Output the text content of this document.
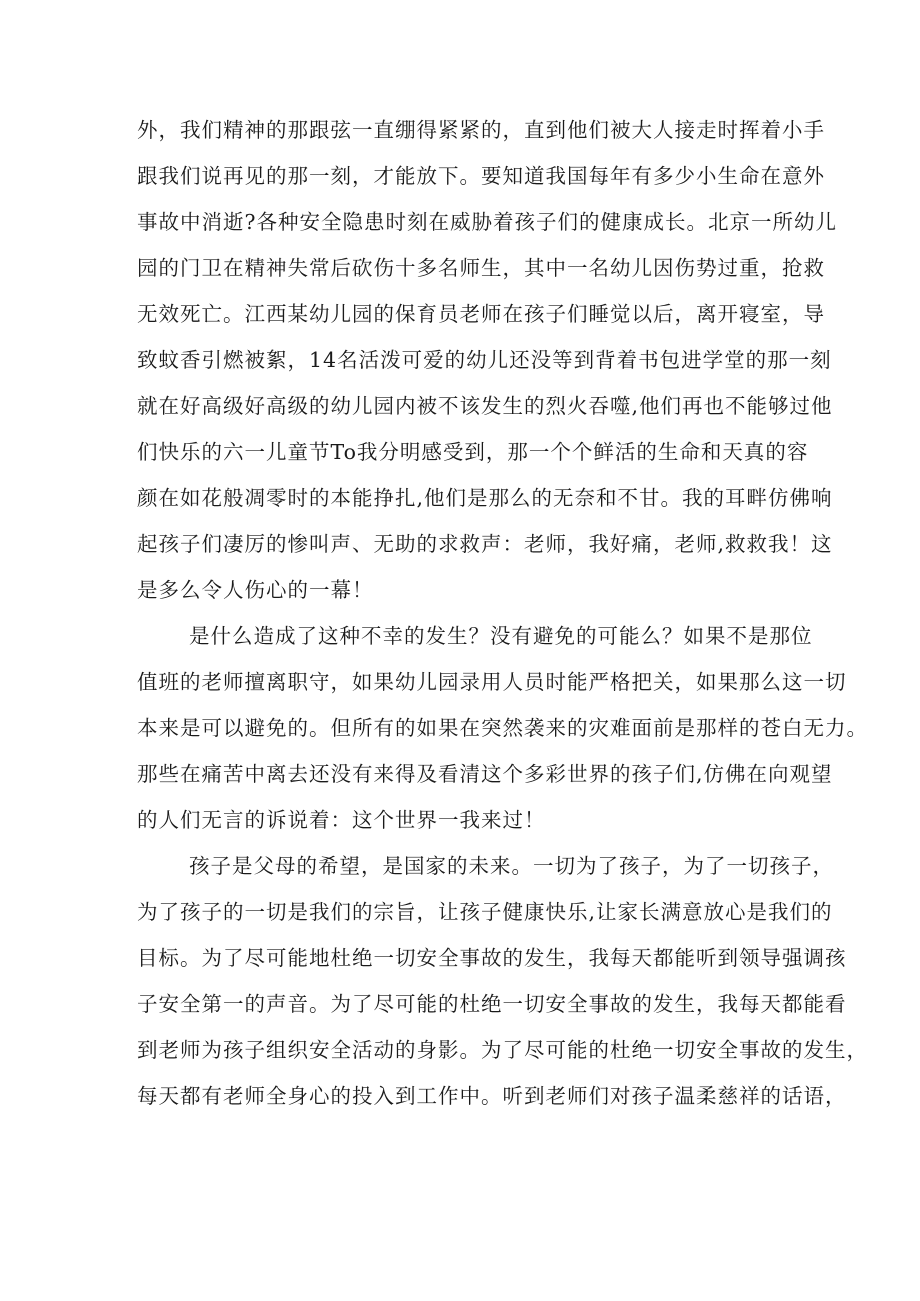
外，我们精神的那跟弦一直绷得紧紧的，直到他们被大人接走时挥着小手
跟我们说再见的那一刻，才能放下。要知道我国每年有多少小生命在意外
事故中消逝?各种安全隐患时刻在威胁着孩子们的健康成长。北京一所幼儿
园的门卫在精神失常后砍伤十多名师生，其中一名幼儿因伤势过重，抢救
无效死亡。江西某幼儿园的保育员老师在孩子们睡觉以后，离开寝室，导
致蚊香引燃被絮，14名活泼可爱的幼儿还没等到背着书包进学堂的那一刻
就在好高级好高级的幼儿园内被不该发生的烈火吞噬,他们再也不能够过他
们快乐的六一儿童节To我分明感受到，那一个个鲜活的生命和天真的容
颜在如花般凋零时的本能挣扎,他们是那么的无奈和不甘。我的耳畔仿佛响
起孩子们凄厉的惨叫声、无助的求救声：老师，我好痛，老师,救救我！这
是多么令人伤心的一幕！
是什么造成了这种不幸的发生？没有避免的可能么？如果不是那位
值班的老师擅离职守，如果幼儿园录用人员时能严格把关，如果那么这一切
本来是可以避免的。但所有的如果在突然袭来的灾难面前是那样的苍白无力。
那些在痛苦中离去还没有来得及看清这个多彩世界的孩子们,仿佛在向观望
的人们无言的诉说着：这个世界一我来过！
孩子是父母的希望，是国家的未来。一切为了孩子，为了一切孩子，
为了孩子的一切是我们的宗旨，让孩子健康快乐,让家长满意放心是我们的
目标。为了尽可能地杜绝一切安全事故的发生，我每天都能听到领导强调孩
子安全第一的声音。为了尽可能的杜绝一切安全事故的发生，我每天都能看
到老师为孩子组织安全活动的身影。为了尽可能的杜绝一切安全事故的发生，
每天都有老师全身心的投入到工作中。听到老师们对孩子温柔慈祥的话语，
